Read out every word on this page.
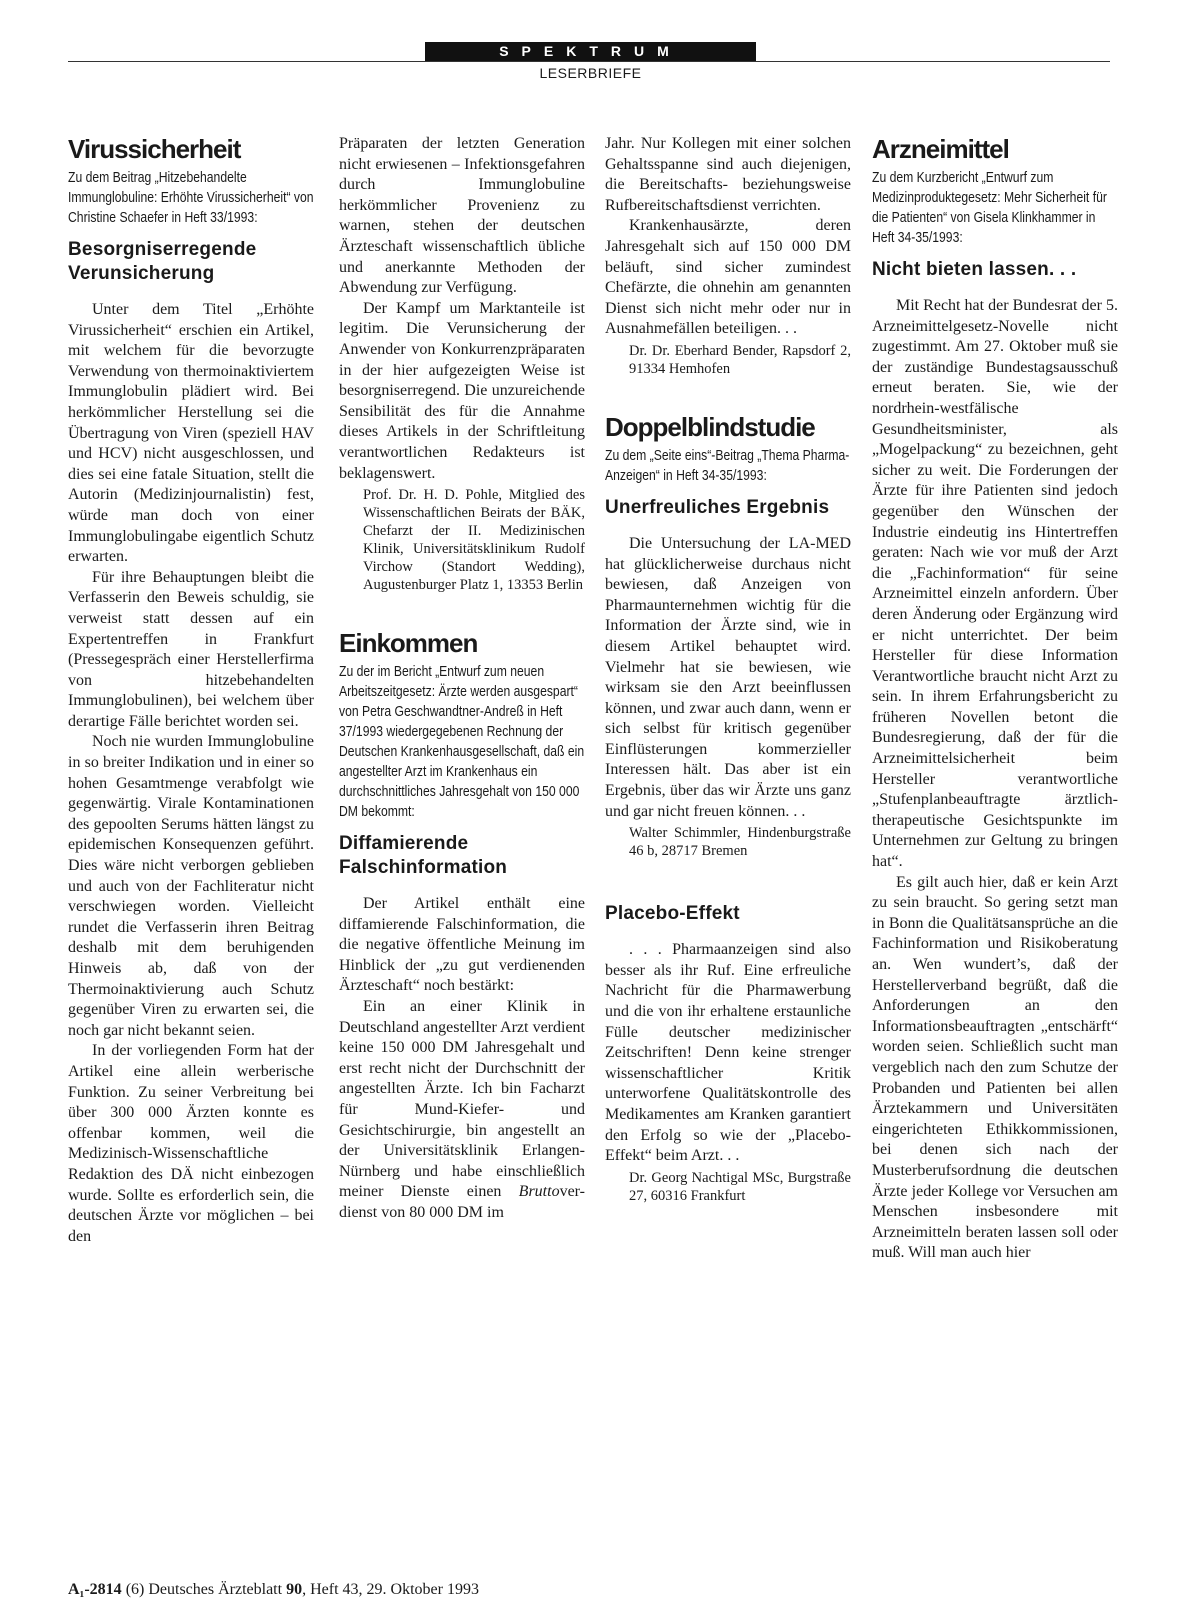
SPEKTRUM
LESERBRIEFE
Virussicherheit
Zu dem Beitrag „Hitzebehandelte Immunglobuline: Erhöhte Virussicherheit“ von Christine Schaefer in Heft 33/1993:
Besorgniserregende Verunsicherung

Unter dem Titel „Erhöhte Virussicherheit“ erschien ein Artikel, mit welchem für die bevorzugte Verwendung von thermoinaktiviertem Immunglobulin plädiert wird. Bei herkömmlicher Herstellung sei die Übertragung von Viren (speziell HAV und HCV) nicht ausgeschlossen, und dies sei eine fatale Situation, stellt die Autorin (Medizinjournalistin) fest, würde man doch von einer Immunglobulingabe eigentlich Schutz erwarten.

Für ihre Behauptungen bleibt die Verfasserin den Beweis schuldig, sie verweist statt dessen auf ein Expertentreffen in Frankfurt (Pressegespräch einer Herstellerfirma von hitzebehandelten Immunglobulinen), bei welchem über derartige Fälle berichtet worden sei.

Noch nie wurden Immunglobuline in so breiter Indikation und in einer so hohen Gesamtmenge verabfolgt wie gegenwärtig. Virale Kontaminationen des gepoolten Serums hätten längst zu epidemischen Konsequenzen geführt. Dies wäre nicht verborgen geblieben und auch von der Fachliteratur nicht verschwiegen worden. Vielleicht rundet die Verfasserin ihren Beitrag deshalb mit dem beruhigenden Hinweis ab, daß von der Thermoinaktivierung auch Schutz gegenüber Viren zu erwarten sei, die noch gar nicht bekannt seien.

In der vorliegenden Form hat der Artikel eine allein werberische Funktion. Zu seiner Verbreitung bei über 300 000 Ärzten konnte es offenbar kommen, weil die Medizinisch-Wissenschaftliche Redaktion des DÄ nicht einbezogen wurde. Sollte es erforderlich sein, die deutschen Ärzte vor möglichen – bei den

Präparaten der letzten Generation nicht erwiesenen – Infektionsgefahren durch Immunglobuline herkömmlicher Provenienz zu warnen, stehen der deutschen Ärzteschaft wissenschaftlich übliche und anerkannte Methoden der Abwendung zur Verfügung.

Der Kampf um Marktanteile ist legitim. Die Verunsicherung der Anwender von Konkurrenzpräparaten in der hier aufgezeigten Weise ist besorgniserregend. Die unzureichende Sensibilität des für die Annahme dieses Artikels in der Schriftleitung verantwortlichen Redakteurs ist beklagenswert.

Prof. Dr. H. D. Pohle, Mitglied des Wissenschaftlichen Beirats der BÄK, Chefarzt der II. Medizinischen Klinik, Universitätsklinikum Rudolf Virchow (Standort Wedding), Augustenburger Platz 1, 13353 Berlin
Einkommen
Zu der im Bericht „Entwurf zum neuen Arbeitszeitgesetz: Ärzte werden ausgespart“ von Petra Geschwandtner-Andreß in Heft 37/1993 wiedergegebenen Rechnung der Deutschen Krankenhausgesellschaft, daß ein angestellter Arzt im Krankenhaus ein durchschnittliches Jahresgehalt von 150 000 DM bekommt:
Diffamierende Falschinformation

Der Artikel enthält eine diffamierende Falschinformation, die die negative öffentliche Meinung im Hinblick der „zu gut verdienenden Ärzteschaft“ noch bestärkt:

Ein an einer Klinik in Deutschland angestellter Arzt verdient keine 150 000 DM Jahresgehalt und erst recht nicht der Durchschnitt der angestellten Ärzte. Ich bin Facharzt für Mund-Kiefer- und Gesichtschirurgie, bin angestellt an der Universitätsklinik Erlangen-Nürnberg und habe einschließlich meiner Dienste einen Bruttover- dienst von 80 000 DM im

Jahr. Nur Kollegen mit einer solchen Gehaltsspanne sind auch diejenigen, die Bereitschafts- beziehungsweise Rufbereitschaftsdienst verrichten.

Krankenhausärzte, deren Jahresgehalt sich auf 150 000 DM beläuft, sind sicher zumindest Chefärzte, die ohnehin am genannten Dienst sich nicht mehr oder nur in Ausnahmefällen beteiligen. . .

Dr. Dr. Eberhard Bender, Rapsdorf 2, 91334 Hemhofen
Doppelblindstudie
Zu dem „Seite eins“-Beitrag „Thema Pharma-Anzeigen“ in Heft 34-35/1993:
Unerfreuliches Ergebnis

Die Untersuchung der LA-MED hat glücklicherweise durchaus nicht bewiesen, daß Anzeigen von Pharmaunternehmen wichtig für die Information der Ärzte sind, wie in diesem Artikel behauptet wird. Vielmehr hat sie bewiesen, wie wirksam sie den Arzt beeinflussen können, und zwar auch dann, wenn er sich selbst für kritisch gegenüber Einflüsterungen kommerzieller Interessen hält. Das aber ist ein Ergebnis, über das wir Ärzte uns ganz und gar nicht freuen können. . .

Walter Schimmler, Hindenburgstraße 46 b, 28717 Bremen
Placebo-Effekt

. . . Pharmaanzeigen sind also besser als ihr Ruf. Eine erfreuliche Nachricht für die Pharmawerbung und die von ihr erhaltene erstaunliche Fülle deutscher medizinischer Zeitschriften! Denn keine strenger wissenschaftlicher Kritik unterworfene Qualitätskontrolle des Medikamentes am Kranken garantiert den Erfolg so wie der „Placebo-Effekt“ beim Arzt. . .

Dr. Georg Nachtigal MSc, Burgstraße 27, 60316 Frankfurt
Arzneimittel
Zu dem Kurzbericht „Entwurf zum Medizinproduktegesetz: Mehr Sicherheit für die Patienten“ von Gisela Klinkhammer in Heft 34-35/1993:
Nicht bieten lassen. . .

Mit Recht hat der Bundesrat der 5. Arzneimittelgesetz-Novelle nicht zugestimmt. Am 27. Oktober muß sie der zuständige Bundestagsausschuß erneut beraten. Sie, wie der nordrhein-westfälische Gesundheitsminister, als „Mogelpackung“ zu bezeichnen, geht sicher zu weit. Die Forderungen der Ärzte für ihre Patienten sind jedoch gegenüber den Wünschen der Industrie eindeutig ins Hintertreffen geraten: Nach wie vor muß der Arzt die „Fachinformation“ für seine Arzneimittel einzeln anfordern. Über deren Änderung oder Ergänzung wird er nicht unterrichtet. Der beim Hersteller für diese Information Verantwortliche braucht nicht Arzt zu sein. In ihrem Erfahrungsbericht zu früheren Novellen betont die Bundesregierung, daß der für die Arzneimittelsicherheit beim Hersteller verantwortliche „Stufenplanbeauftragte ärztlich-therapeutische Gesichtspunkte im Unternehmen zur Geltung zu bringen hat“.

Es gilt auch hier, daß er kein Arzt zu sein braucht. So gering setzt man in Bonn die Qualitätsansprüche an die Fachinformation und Risikoberatung an. Wen wundert’s, daß der Herstellerverband begrüßt, daß die Anforderungen an den Informationsbeauftragten „entschärft“ worden seien. Schließlich sucht man vergeblich nach den zum Schutze der Probanden und Patienten bei allen Ärztekammern und Universitäten eingerichteten Ethikkommissionen, bei denen sich nach der Musterberufsordnung die deutschen Ärzte jeder Kollege vor Versuchen am Menschen insbesondere mit Arzneimitteln beraten lassen soll oder muß. Will man auch hier

A₁-2814 (6) Deutsches Ärzteblatt 90, Heft 43, 29. Oktober 1993
